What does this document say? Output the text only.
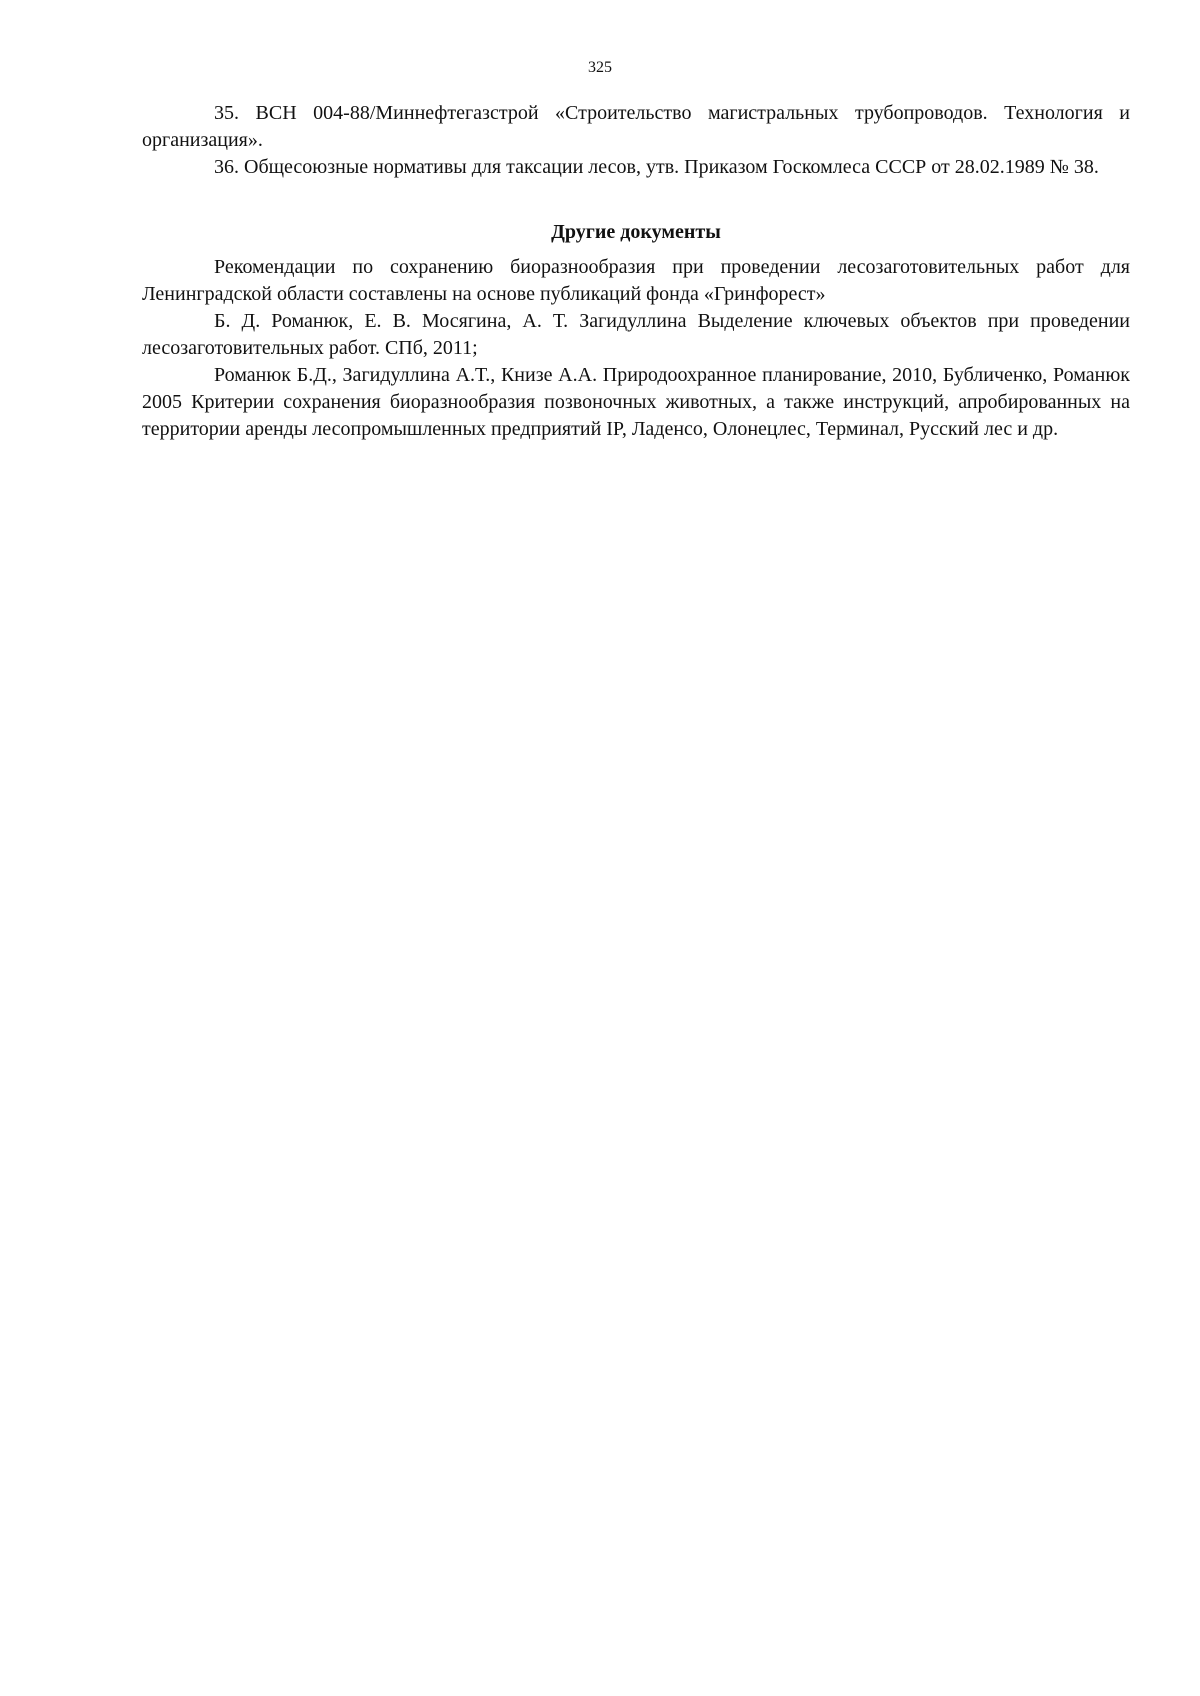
325

35. ВСН 004-88/Миннефтегазстрой «Строительство магистральных трубопроводов. Технология и организация».

36. Общесоюзные нормативы для таксации лесов, утв. Приказом Госкомлеса СССР от 28.02.1989 № 38.

Другие документы

Рекомендации по сохранению биоразнообразия при проведении лесозаготовительных работ для Ленинградской области составлены на основе публикаций фонда «Гринфорест»

Б. Д. Романюк, Е. В. Мосягина, А. Т. Загидуллина Выделение ключевых объектов при проведении лесозаготовительных работ. СПб, 2011;

Романюк Б.Д., Загидуллина А.Т., Книзе А.А. Природоохранное планирование, 2010, Бубличенко, Романюк 2005 Критерии сохранения биоразнообразия позвоночных животных, а также инструкций, апробированных на территории аренды лесопромышленных предприятий IP, Ладенсо, Олонецлес, Терминал, Русский лес и др.
